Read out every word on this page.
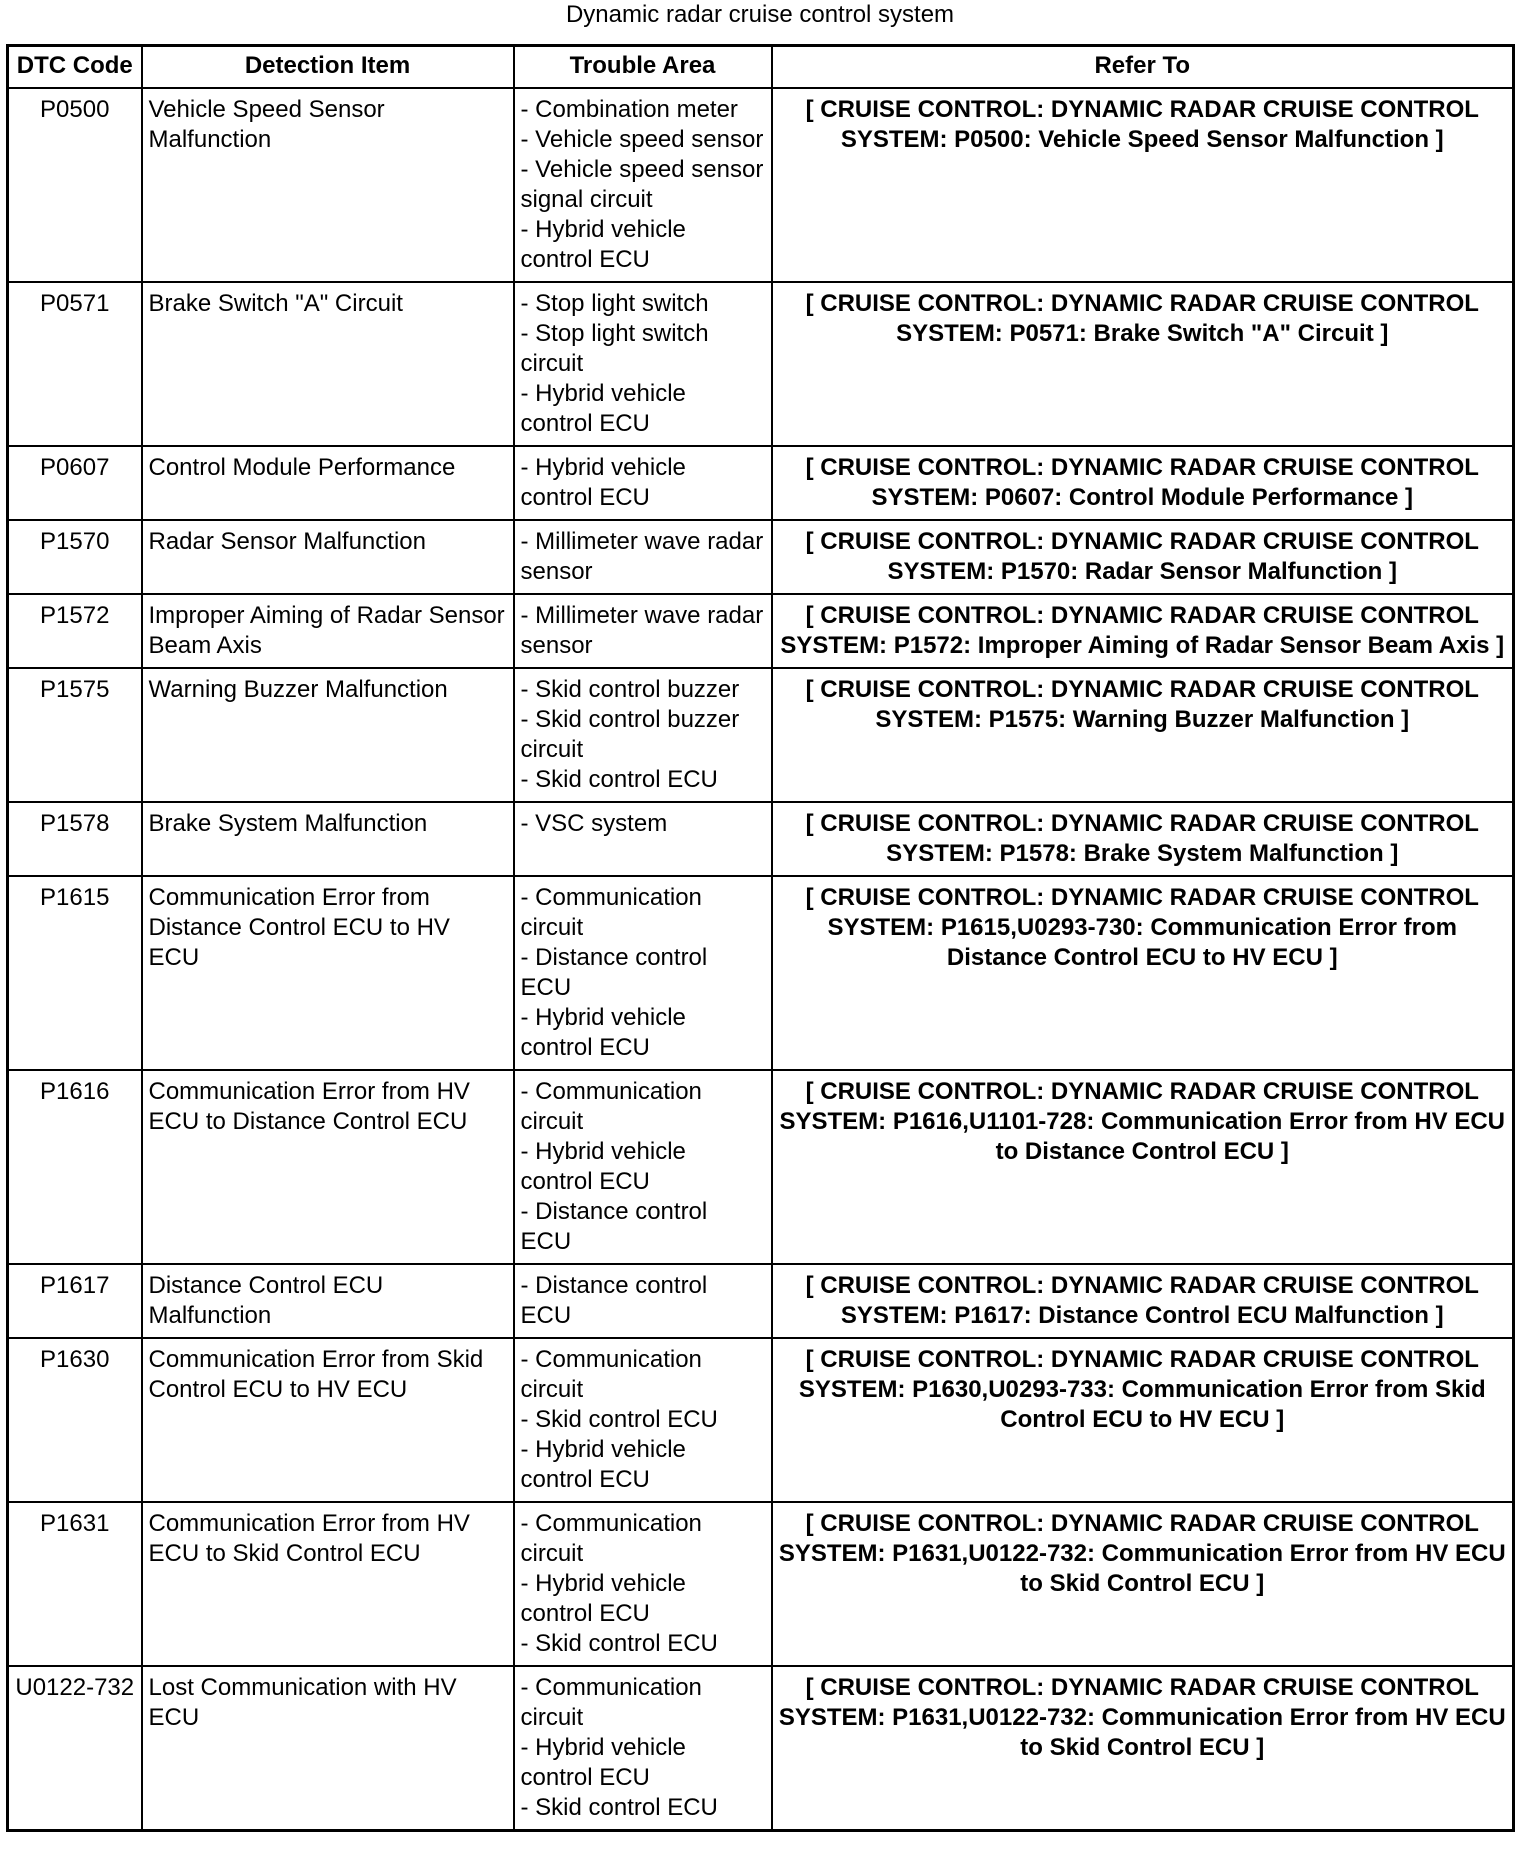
Dynamic radar cruise control system
DTC Code	Detection Item	Trouble Area	Refer To
P0500	Vehicle Speed Sensor Malfunction	- Combination meter
- Vehicle speed sensor
- Vehicle speed sensor signal circuit
- Hybrid vehicle control ECU	[ CRUISE CONTROL: DYNAMIC RADAR CRUISE CONTROL SYSTEM: P0500: Vehicle Speed Sensor Malfunction ]
P0571	Brake Switch "A" Circuit	- Stop light switch
- Stop light switch circuit
- Hybrid vehicle control ECU	[ CRUISE CONTROL: DYNAMIC RADAR CRUISE CONTROL SYSTEM: P0571: Brake Switch "A" Circuit ]
P0607	Control Module Performance	- Hybrid vehicle control ECU	[ CRUISE CONTROL: DYNAMIC RADAR CRUISE CONTROL SYSTEM: P0607: Control Module Performance ]
P1570	Radar Sensor Malfunction	- Millimeter wave radar sensor	[ CRUISE CONTROL: DYNAMIC RADAR CRUISE CONTROL SYSTEM: P1570: Radar Sensor Malfunction ]
P1572	Improper Aiming of Radar Sensor Beam Axis	- Millimeter wave radar sensor	[ CRUISE CONTROL: DYNAMIC RADAR CRUISE CONTROL SYSTEM: P1572: Improper Aiming of Radar Sensor Beam Axis ]
P1575	Warning Buzzer Malfunction	- Skid control buzzer
- Skid control buzzer circuit
- Skid control ECU	[ CRUISE CONTROL: DYNAMIC RADAR CRUISE CONTROL SYSTEM: P1575: Warning Buzzer Malfunction ]
P1578	Brake System Malfunction	- VSC system	[ CRUISE CONTROL: DYNAMIC RADAR CRUISE CONTROL SYSTEM: P1578: Brake System Malfunction ]
P1615	Communication Error from Distance Control ECU to HV ECU	- Communication circuit
- Distance control ECU
- Hybrid vehicle control ECU	[ CRUISE CONTROL: DYNAMIC RADAR CRUISE CONTROL SYSTEM: P1615,U0293-730: Communication Error from Distance Control ECU to HV ECU ]
P1616	Communication Error from HV ECU to Distance Control ECU	- Communication circuit
- Hybrid vehicle control ECU
- Distance control ECU	[ CRUISE CONTROL: DYNAMIC RADAR CRUISE CONTROL SYSTEM: P1616,U1101-728: Communication Error from HV ECU to Distance Control ECU ]
P1617	Distance Control ECU Malfunction	- Distance control ECU	[ CRUISE CONTROL: DYNAMIC RADAR CRUISE CONTROL SYSTEM: P1617: Distance Control ECU Malfunction ]
P1630	Communication Error from Skid Control ECU to HV ECU	- Communication circuit
- Skid control ECU
- Hybrid vehicle control ECU	[ CRUISE CONTROL: DYNAMIC RADAR CRUISE CONTROL SYSTEM: P1630,U0293-733: Communication Error from Skid Control ECU to HV ECU ]
P1631	Communication Error from HV ECU to Skid Control ECU	- Communication circuit
- Hybrid vehicle control ECU
- Skid control ECU	[ CRUISE CONTROL: DYNAMIC RADAR CRUISE CONTROL SYSTEM: P1631,U0122-732: Communication Error from HV ECU to Skid Control ECU ]
U0122-732	Lost Communication with HV ECU	- Communication circuit
- Hybrid vehicle control ECU
- Skid control ECU	[ CRUISE CONTROL: DYNAMIC RADAR CRUISE CONTROL SYSTEM: P1631,U0122-732: Communication Error from HV ECU to Skid Control ECU ]
